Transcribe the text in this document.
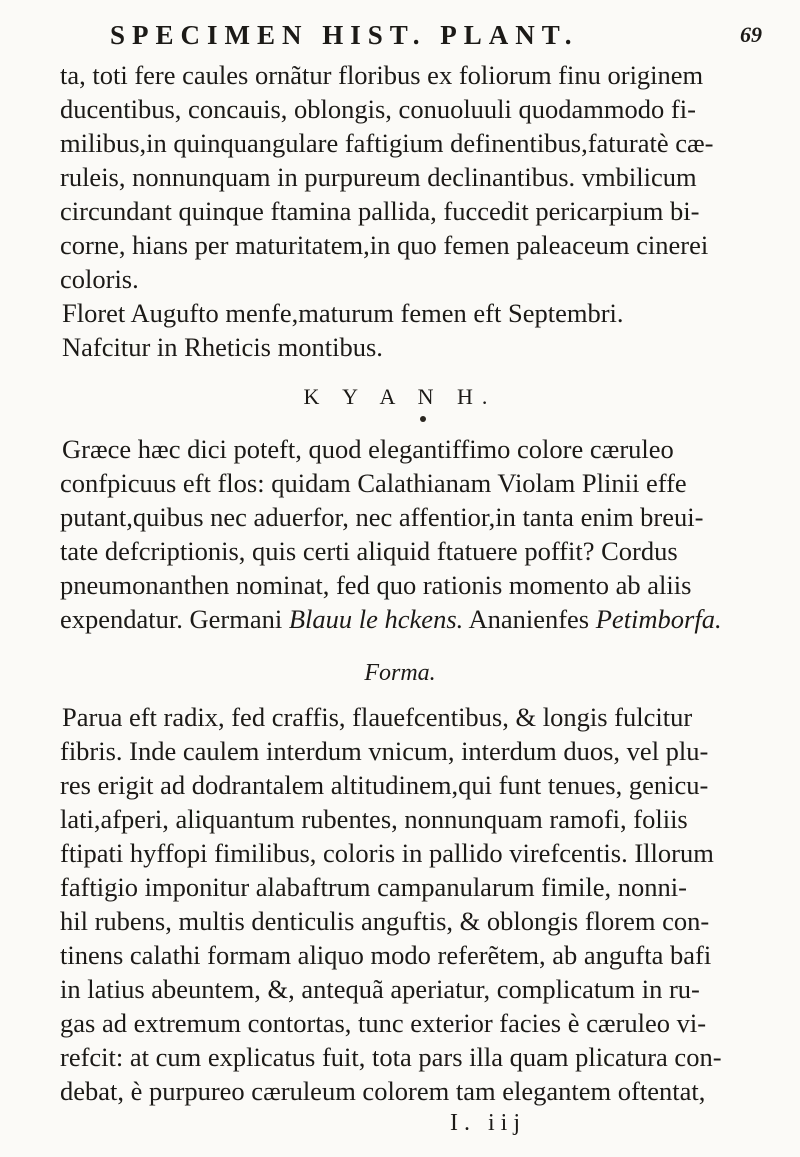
SPECIMEN HIST. PLANT.	69
ta, toti fere caules ornãtur floribus ex foliorum finu originem
ducentibus, concauis, oblongis, conuoluuli quodammodo fi-
milibus,in quinquangulare faftigium definentibus,faturatè cæ-
ruleis, nonnunquam in purpureum declinantibus. vmbilicum
circundant quinque ftamina pallida, fuccedit pericarpium bi-
corne, hians per maturitatem,in quo femen paleaceum cinerei
coloris.
Floret Augufto menfe,maturum femen eft Septembri.
Nafcitur in Rheticis montibus.
K Y A N H.
Græce hæc dici poteft, quod elegantiffimo colore cæruleo
confpicuus eft flos: quidam Calathianam Violam Plinii effe
putant,quibus nec aduerfor, nec affentior,in tanta enim breui-
tate defcriptionis, quis certi aliquid ftatuere poffit? Cordus
pneumonanthen nominat, fed quo rationis momento ab aliis
expendatur. Germani Blauu le hckens. Ananienfes Petimborfa.
Forma.
Parua eft radix, fed craffis, flauefcentibus, & longis fulcitur
fibris. Inde caulem interdum vnicum, interdum duos, vel plu-
res erigit ad dodrantalem altitudinem,qui funt tenues, genicu-
lati,afperi, aliquantum rubentes, nonnunquam ramofi, foliis
ftipati hyffopi fimilibus, coloris in pallido virefcentis. Illorum
faftigio imponitur alabaftrum campanularum fimile, nonni-
hil rubens, multis denticulis anguftis, & oblongis florem con-
tinens calathi formam aliquo modo referẽtem, ab angufta bafi
in latius abeuntem, &, antequã aperiatur, complicatum in ru-
gas ad extremum contortas, tunc exterior facies è cæruleo vi-
refcit: at cum explicatus fuit, tota pars illa quam plicatura con-
debat, è purpureo cæruleum colorem tam elegantem oftentat,
I. iij
